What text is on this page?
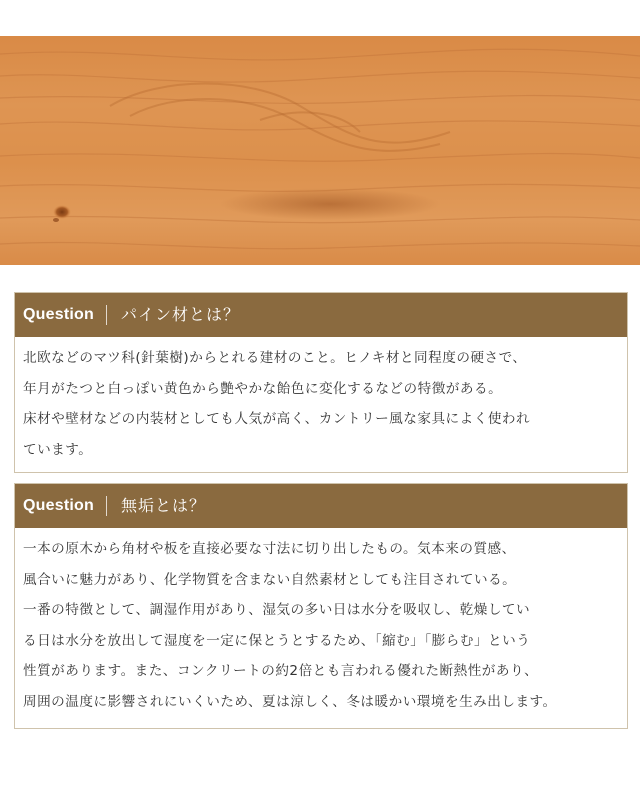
Question	パイン材とは？

北欧などのマツ科(針葉樹)からとれる建材のこと。ヒノキ材と同程度の硬さで、

年月がたつと白っぽい黄色から艶やかな飴色に変化するなどの特徴がある。

床材や壁材などの内装材としても人気が高く、カントリー風な家具によく使われ

ています。

Question	無垢とは？

一本の原木から角材や板を直接必要な寸法に切り出したもの。気本来の質感、

風合いに魅力があり、化学物質を含まない自然素材としても注目されている。

一番の特徴として、調湿作用があり、湿気の多い日は水分を吸収し、乾燥してい

る日は水分を放出して湿度を一定に保とうとするため、「縮む」「膨らむ」という

性質があります。また、コンクリートの約2倍とも言われる優れた断熱性があり、

周囲の温度に影響されにいくいため、夏は涼しく、冬は暖かい環境を生み出します。
